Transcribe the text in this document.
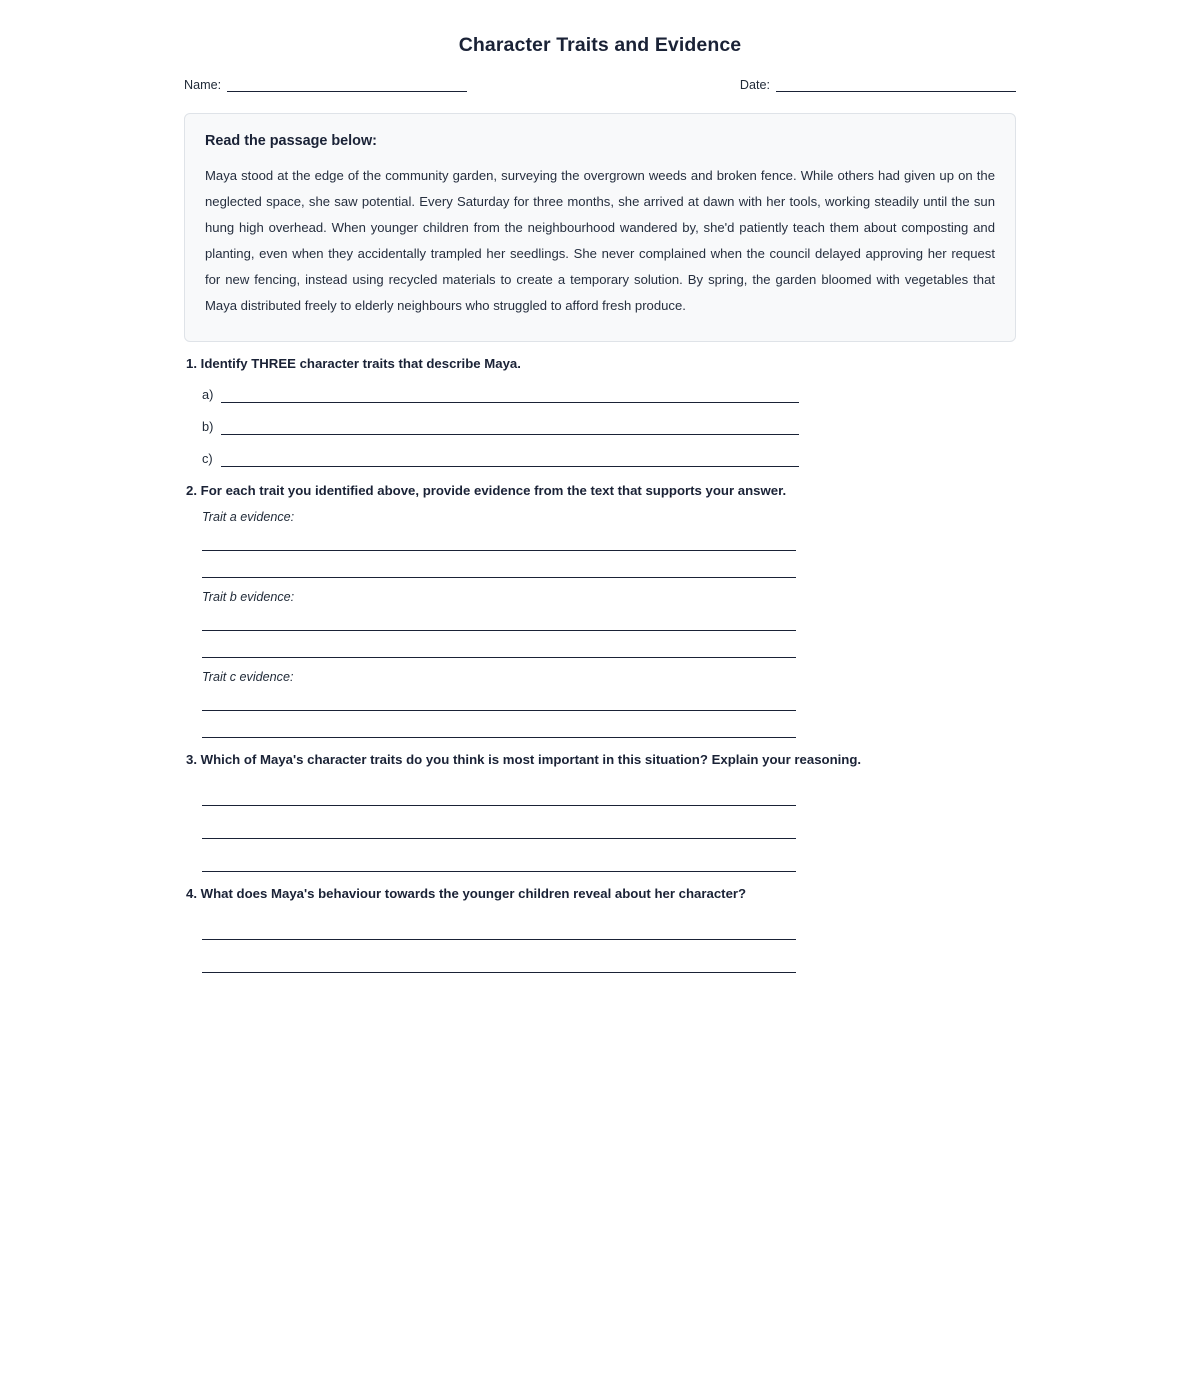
Character Traits and Evidence
Name:	Date:

Read the passage below:

Maya stood at the edge of the community garden, surveying the overgrown weeds and broken fence. While others had given up on the neglected space, she saw potential. Every Saturday for three months, she arrived at dawn with her tools, working steadily until the sun hung high overhead. When younger children from the neighbourhood wandered by, she'd patiently teach them about composting and planting, even when they accidentally trampled her seedlings. She never complained when the council delayed approving her request for new fencing, instead using recycled materials to create a temporary solution. By spring, the garden bloomed with vegetables that Maya distributed freely to elderly neighbours who struggled to afford fresh produce.

1. Identify THREE character traits that describe Maya.

a)
b)
c)

2. For each trait you identified above, provide evidence from the text that supports your answer.

Trait a evidence:

Trait b evidence:

Trait c evidence:

3. Which of Maya's character traits do you think is most important in this situation? Explain your reasoning.

4. What does Maya's behaviour towards the younger children reveal about her character?
